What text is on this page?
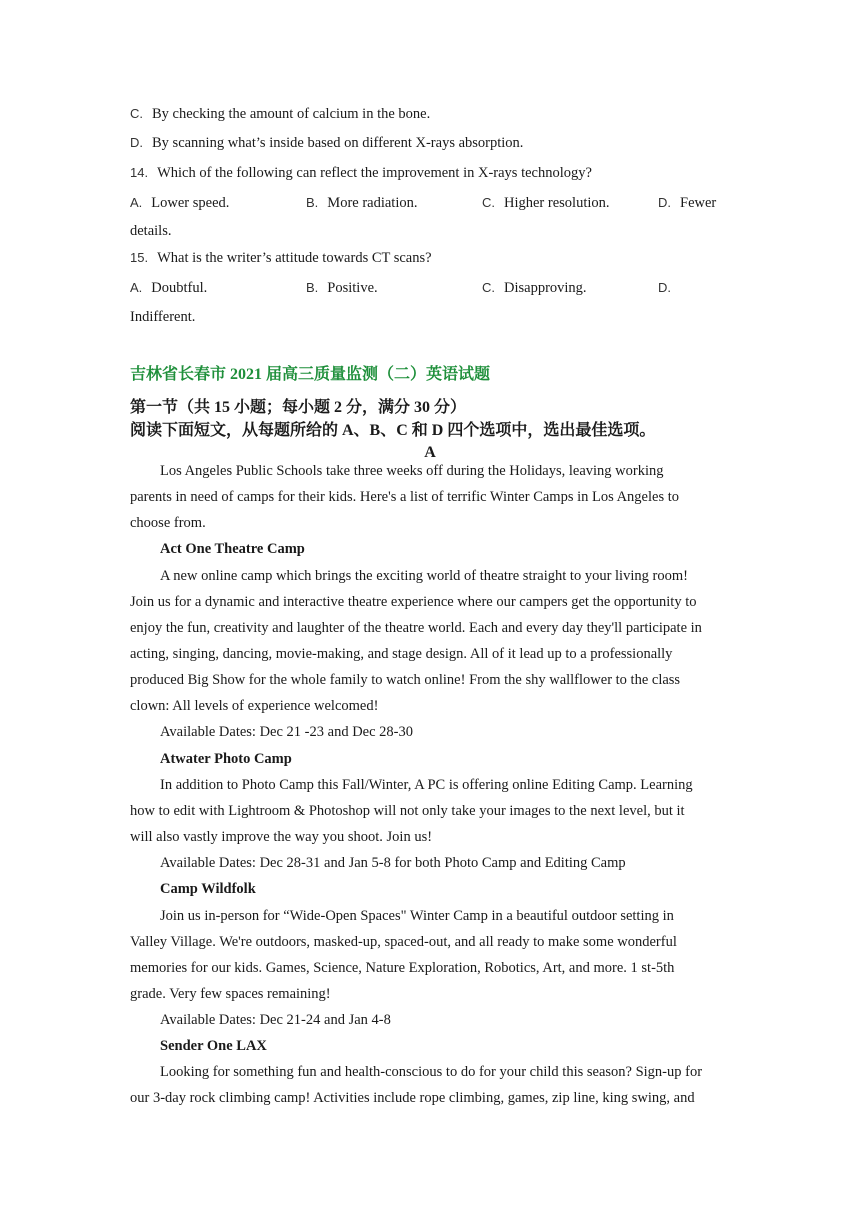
C. By checking the amount of calcium in the bone.
D. By scanning what’s inside based on different X-rays absorption.
14. Which of the following can reflect the improvement in X-rays technology?
A. Lower speed.	B. More radiation.	C. Higher resolution.	D. Fewer
details.
15. What is the writer’s attitude towards CT scans?
A. Doubtful.	B. Positive.	C. Disapproving.	D.
Indifferent.
吉林省长春市 2021 届高三质量监测（二）英语试题
第一节（共 15 小题；每小题 2 分，满分 30 分）
阅读下面短文，从每题所给的 A、B、C 和 D 四个选项中，选出最佳选项。
A
Los Angeles Public Schools take three weeks off during the Holidays, leaving working
parents in need of camps for their kids. Here's a list of terrific Winter Camps in Los Angeles to
choose from.
Act One Theatre Camp
A new online camp which brings the exciting world of theatre straight to your living room!
Join us for a dynamic and interactive theatre experience where our campers get the opportunity to
enjoy the fun, creativity and laughter of the theatre world. Each and every day they'll participate in
acting, singing, dancing, movie-making, and stage design. All of it lead up to a professionally
produced Big Show for the whole family to watch online! From the shy wallflower to the class
clown: All levels of experience welcomed!
Available Dates: Dec 21 -23 and Dec 28-30
Atwater Photo Camp
In addition to Photo Camp this Fall/Winter, A PC is offering online Editing Camp. Learning
how to edit with Lightroom & Photoshop will not only take your images to the next level, but it
will also vastly improve the way you shoot. Join us!
Available Dates: Dec 28-31 and Jan 5-8 for both Photo Camp and Editing Camp
Camp Wildfolk
Join us in-person for “Wide-Open Spaces" Winter Camp in a beautiful outdoor setting in
Valley Village. We're outdoors, masked-up, spaced-out, and all ready to make some wonderful
memories for our kids. Games, Science, Nature Exploration, Robotics, Art, and more. 1 st-5th
grade. Very few spaces remaining!
Available Dates: Dec 21-24 and Jan 4-8
Sender One LAX
Looking for something fun and health-conscious to do for your child this season? Sign-up for
our 3-day rock climbing camp! Activities include rope climbing, games, zip line, king swing, and
